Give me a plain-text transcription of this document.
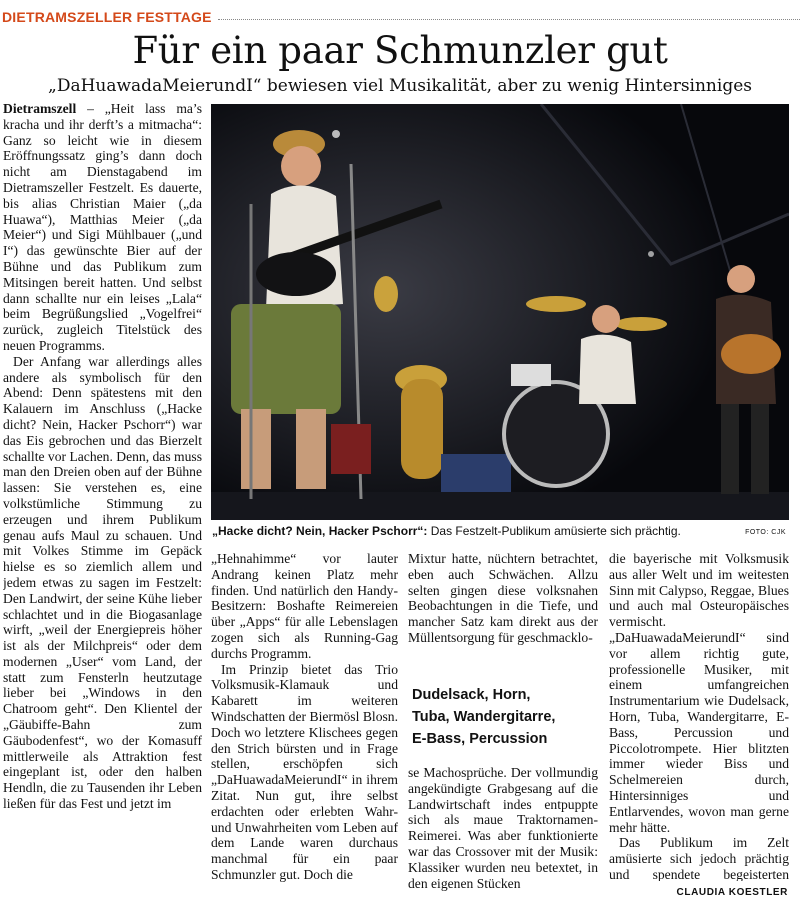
DIETRAMSZELLER FESTTAGE
Für ein paar Schmunzler gut
„DaHuawadaMeierundI“ bewiesen viel Musikalität, aber zu wenig Hintersinniges

Dietramszell – „Heit lass ma’s kracha und ihr derft’s a mitmacha“: Ganz so leicht wie in diesem Eröffnungssatz ging’s dann doch nicht am Dienstagabend im Dietramszeller Festzelt. Es dauerte, bis alias Christian Maier („da Huawa“), Matthias Meier („da Meier“) und Sigi Mühlbauer („und I“) das gewünschte Bier auf der Bühne und das Publikum zum Mitsingen bereit hatten. Und selbst dann schallte nur ein leises „Lala“ beim Begrüßungslied „Vogelfrei“ zurück, zugleich Titelstück des neuen Programms.

Der Anfang war allerdings alles andere als symbolisch für den Abend: Denn spätestens mit den Kalauern im Anschluss („Hacke dicht? Nein, Hacker Pschorr“) war das Eis gebrochen und das Bierzelt schallte vor Lachen. Denn, das muss man den Dreien oben auf der Bühne lassen: Sie verstehen es, eine volkstümliche Stimmung zu erzeugen und ihrem Publikum genau aufs Maul zu schauen. Und mit Volkes Stimme im Gepäck hielse es so ziemlich allem und jedem etwas zu sagen im Festzelt: Den Landwirt, der seine Kühe lieber schlachtet und in die Biogasanlage wirft, „weil der Energiepreis höher ist als der Milchpreis“ oder dem modernen „User“ vom Land, der statt zum Fensterln heutzutage lieber bei „Windows in den Chatroom geht“. Den Klientel der „Gäubiffe-Bahn zum Gäubodenfest“, wo der Komasuff mittlerweile als Attraktion fest eingeplant ist, oder den halben Hendln, die zu Tausenden ihr Leben ließen für das Fest und jetzt im

„Hacke dicht? Nein, Hacker Pschorr“: Das Festzelt-Publikum amüsierte sich prächtig.	FOTO: CJK

„Hehnahimme“ vor lauter Andrang keinen Platz mehr finden. Und natürlich den Handy-Besitzern: Boshafte Reimereien über „Apps“ für alle Lebenslagen zogen sich als Running-Gag durchs Programm.

Im Prinzip bietet das Trio Volksmusik-Klamauk und Kabarett im weiteren Windschatten der Biermösl Blosn. Doch wo letztere Klischees gegen den Strich bürsten und in Frage stellen, erschöpfen sich „DaHuawadaMeierundI“ in ihrem Zitat. Nun gut, ihre selbst erdachten oder erlebten Wahr- und Unwahrheiten vom Leben auf dem Lande waren durchaus manchmal für ein paar Schmunzler gut. Doch die

Mixtur hatte, nüchtern betrachtet, eben auch Schwächen. Allzu selten gingen diese volksnahen Beobachtungen in die Tiefe, und mancher Satz kam direkt aus der Müllentsorgung für geschmacklo-

Dudelsack, Horn,
Tuba, Wandergitarre,
E-Bass, Percussion

se Machosprüche. Der vollmundig angekündigte Grabgesang auf die Landwirtschaft indes entpuppte sich als maue Traktornamen-Reimerei. Was aber funktionierte war das Crossover mit der Musik: Klassiker wurden neu betextet, in den eigenen Stücken

die bayerische mit Volksmusik aus aller Welt und im weitesten Sinn mit Calypso, Reggae, Blues und auch mal Osteuropäisches vermischt. „DaHuawadaMeierundI“ sind vor allem richtig gute, professionelle Musiker, mit einem umfangreichen Instrumentarium wie Dudelsack, Horn, Tuba, Wandergitarre, E-Bass, Percussion und Piccolotrompete. Hier blitzten immer wieder Biss und Schelmereien durch, Hintersinniges und Entlarvendes, wovon man gerne mehr hätte.

Das Publikum im Zelt amüsierte sich jedoch prächtig und spendete begeisterten

CLAUDIA KOESTLER
